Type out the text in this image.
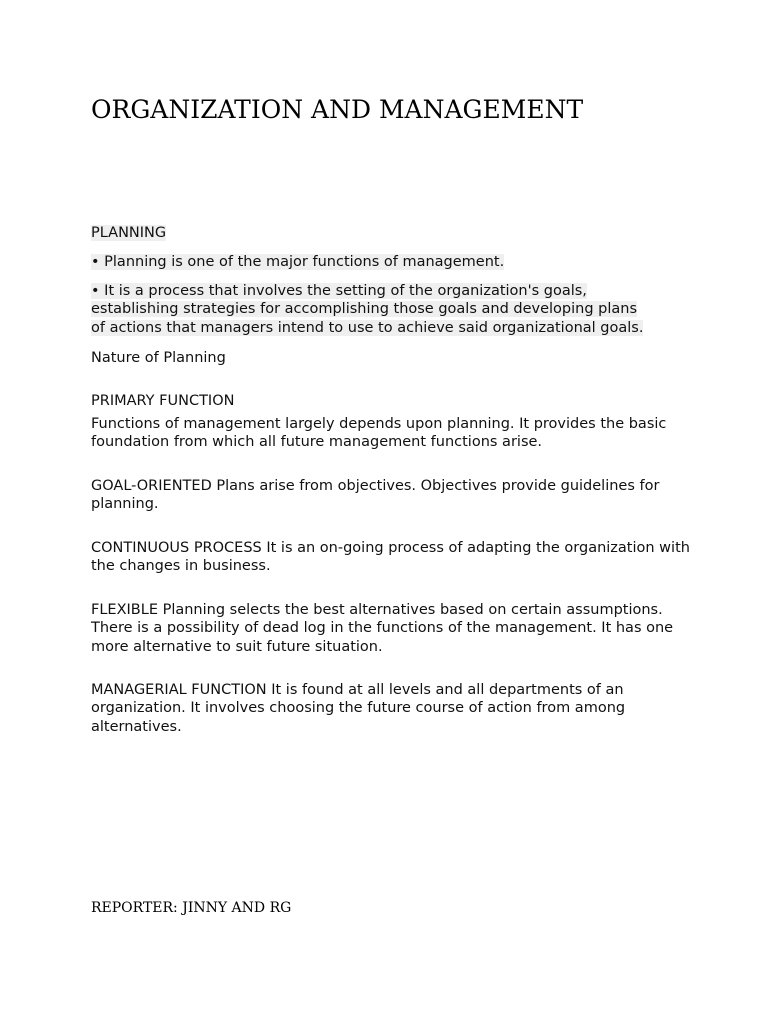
ORGANIZATION AND MANAGEMENT

PLANNING

• Planning is one of the major functions of management.

• It is a process that involves the setting of the organization's goals, establishing strategies for accomplishing those goals and developing plans of actions that managers intend to use to achieve said organizational goals.

Nature of Planning

PRIMARY FUNCTION

Functions of management largely depends upon planning. It provides the basic foundation from which all future management functions arise.

GOAL-ORIENTED Plans arise from objectives. Objectives provide guidelines for planning.

CONTINUOUS PROCESS It is an on-going process of adapting the organization with the changes in business.

FLEXIBLE Planning selects the best alternatives based on certain assumptions. There is a possibility of dead log in the functions of the management. It has one more alternative to suit future situation.

MANAGERIAL FUNCTION It is found at all levels and all departments of an organization. It involves choosing the future course of action from among alternatives.

REPORTER: JINNY AND RG
